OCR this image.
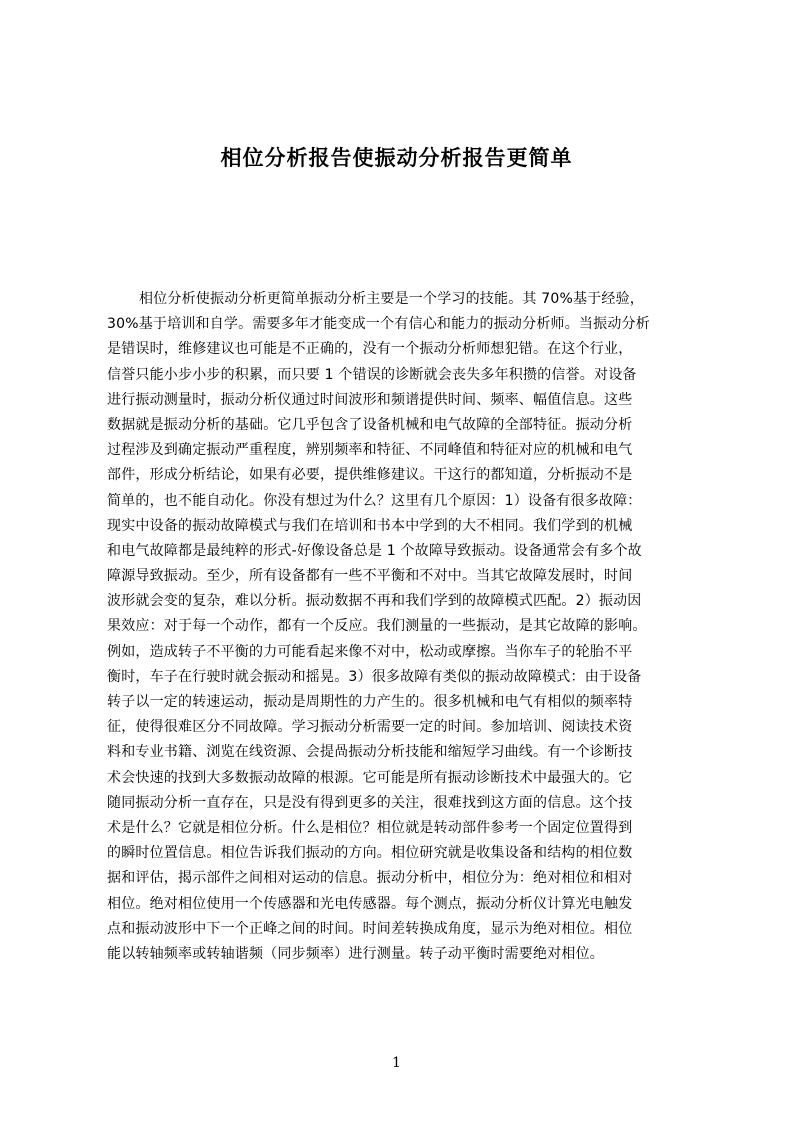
相位分析报告使振动分析报告更简单
相位分析使振动分析更简单振动分析主要是一个学习的技能。其 70%基于经验，
30%基于培训和自学。需要多年才能变成一个有信心和能力的振动分析师。当振动分析
是错误时，维修建议也可能是不正确的，没有一个振动分析师想犯错。在这个行业，
信誉只能小步小步的积累，而只要 1 个错误的诊断就会丧失多年积攒的信誉。对设备
进行振动测量时，振动分析仪通过时间波形和频谱提供时间、频率、幅值信息。这些
数据就是振动分析的基础。它几乎包含了设备机械和电气故障的全部特征。振动分析
过程涉及到确定振动严重程度，辨别频率和特征、不同峰值和特征对应的机械和电气
部件，形成分析结论，如果有必要，提供维修建议。干这行的都知道，分析振动不是
简单的，也不能自动化。你没有想过为什么？这里有几个原因：1）设备有很多故障：
现实中设备的振动故障模式与我们在培训和书本中学到的大不相同。我们学到的机械
和电气故障都是最纯粹的形式-好像设备总是 1 个故障导致振动。设备通常会有多个故
障源导致振动。至少，所有设备都有一些不平衡和不对中。当其它故障发展时，时间
波形就会变的复杂，难以分析。振动数据不再和我们学到的故障模式匹配。2）振动因
果效应：对于每一个动作，都有一个反应。我们测量的一些振动，是其它故障的影响。
例如，造成转子不平衡的力可能看起来像不对中，松动或摩擦。当你车子的轮胎不平
衡时，车子在行驶时就会振动和摇晃。3）很多故障有类似的振动故障模式：由于设备
转子以一定的转速运动，振动是周期性的力产生的。很多机械和电气有相似的频率特
征，使得很难区分不同故障。学习振动分析需要一定的时间。参加培训、阅读技术资
料和专业书籍、浏览在线资源、会提咼振动分析技能和缩短学习曲线。有一个诊断技
术会快速的找到大多数振动故障的根源。它可能是所有振动诊断技术中最强大的。它
随同振动分析一直存在，只是没有得到更多的关注，很难找到这方面的信息。这个技
术是什么？它就是相位分析。什么是相位？相位就是转动部件参考一个固定位置得到
的瞬时位置信息。相位告诉我们振动的方向。相位研究就是收集设备和结构的相位数
据和评估，揭示部件之间相对运动的信息。振动分析中，相位分为：绝对相位和相对
相位。绝对相位使用一个传感器和光电传感器。每个测点，振动分析仪计算光电触发
点和振动波形中下一个正峰之间的时间。时间差转换成角度，显示为绝对相位。相位
能以转轴频率或转轴谐频（同步频率）进行测量。转子动平衡时需要绝对相位。
1
